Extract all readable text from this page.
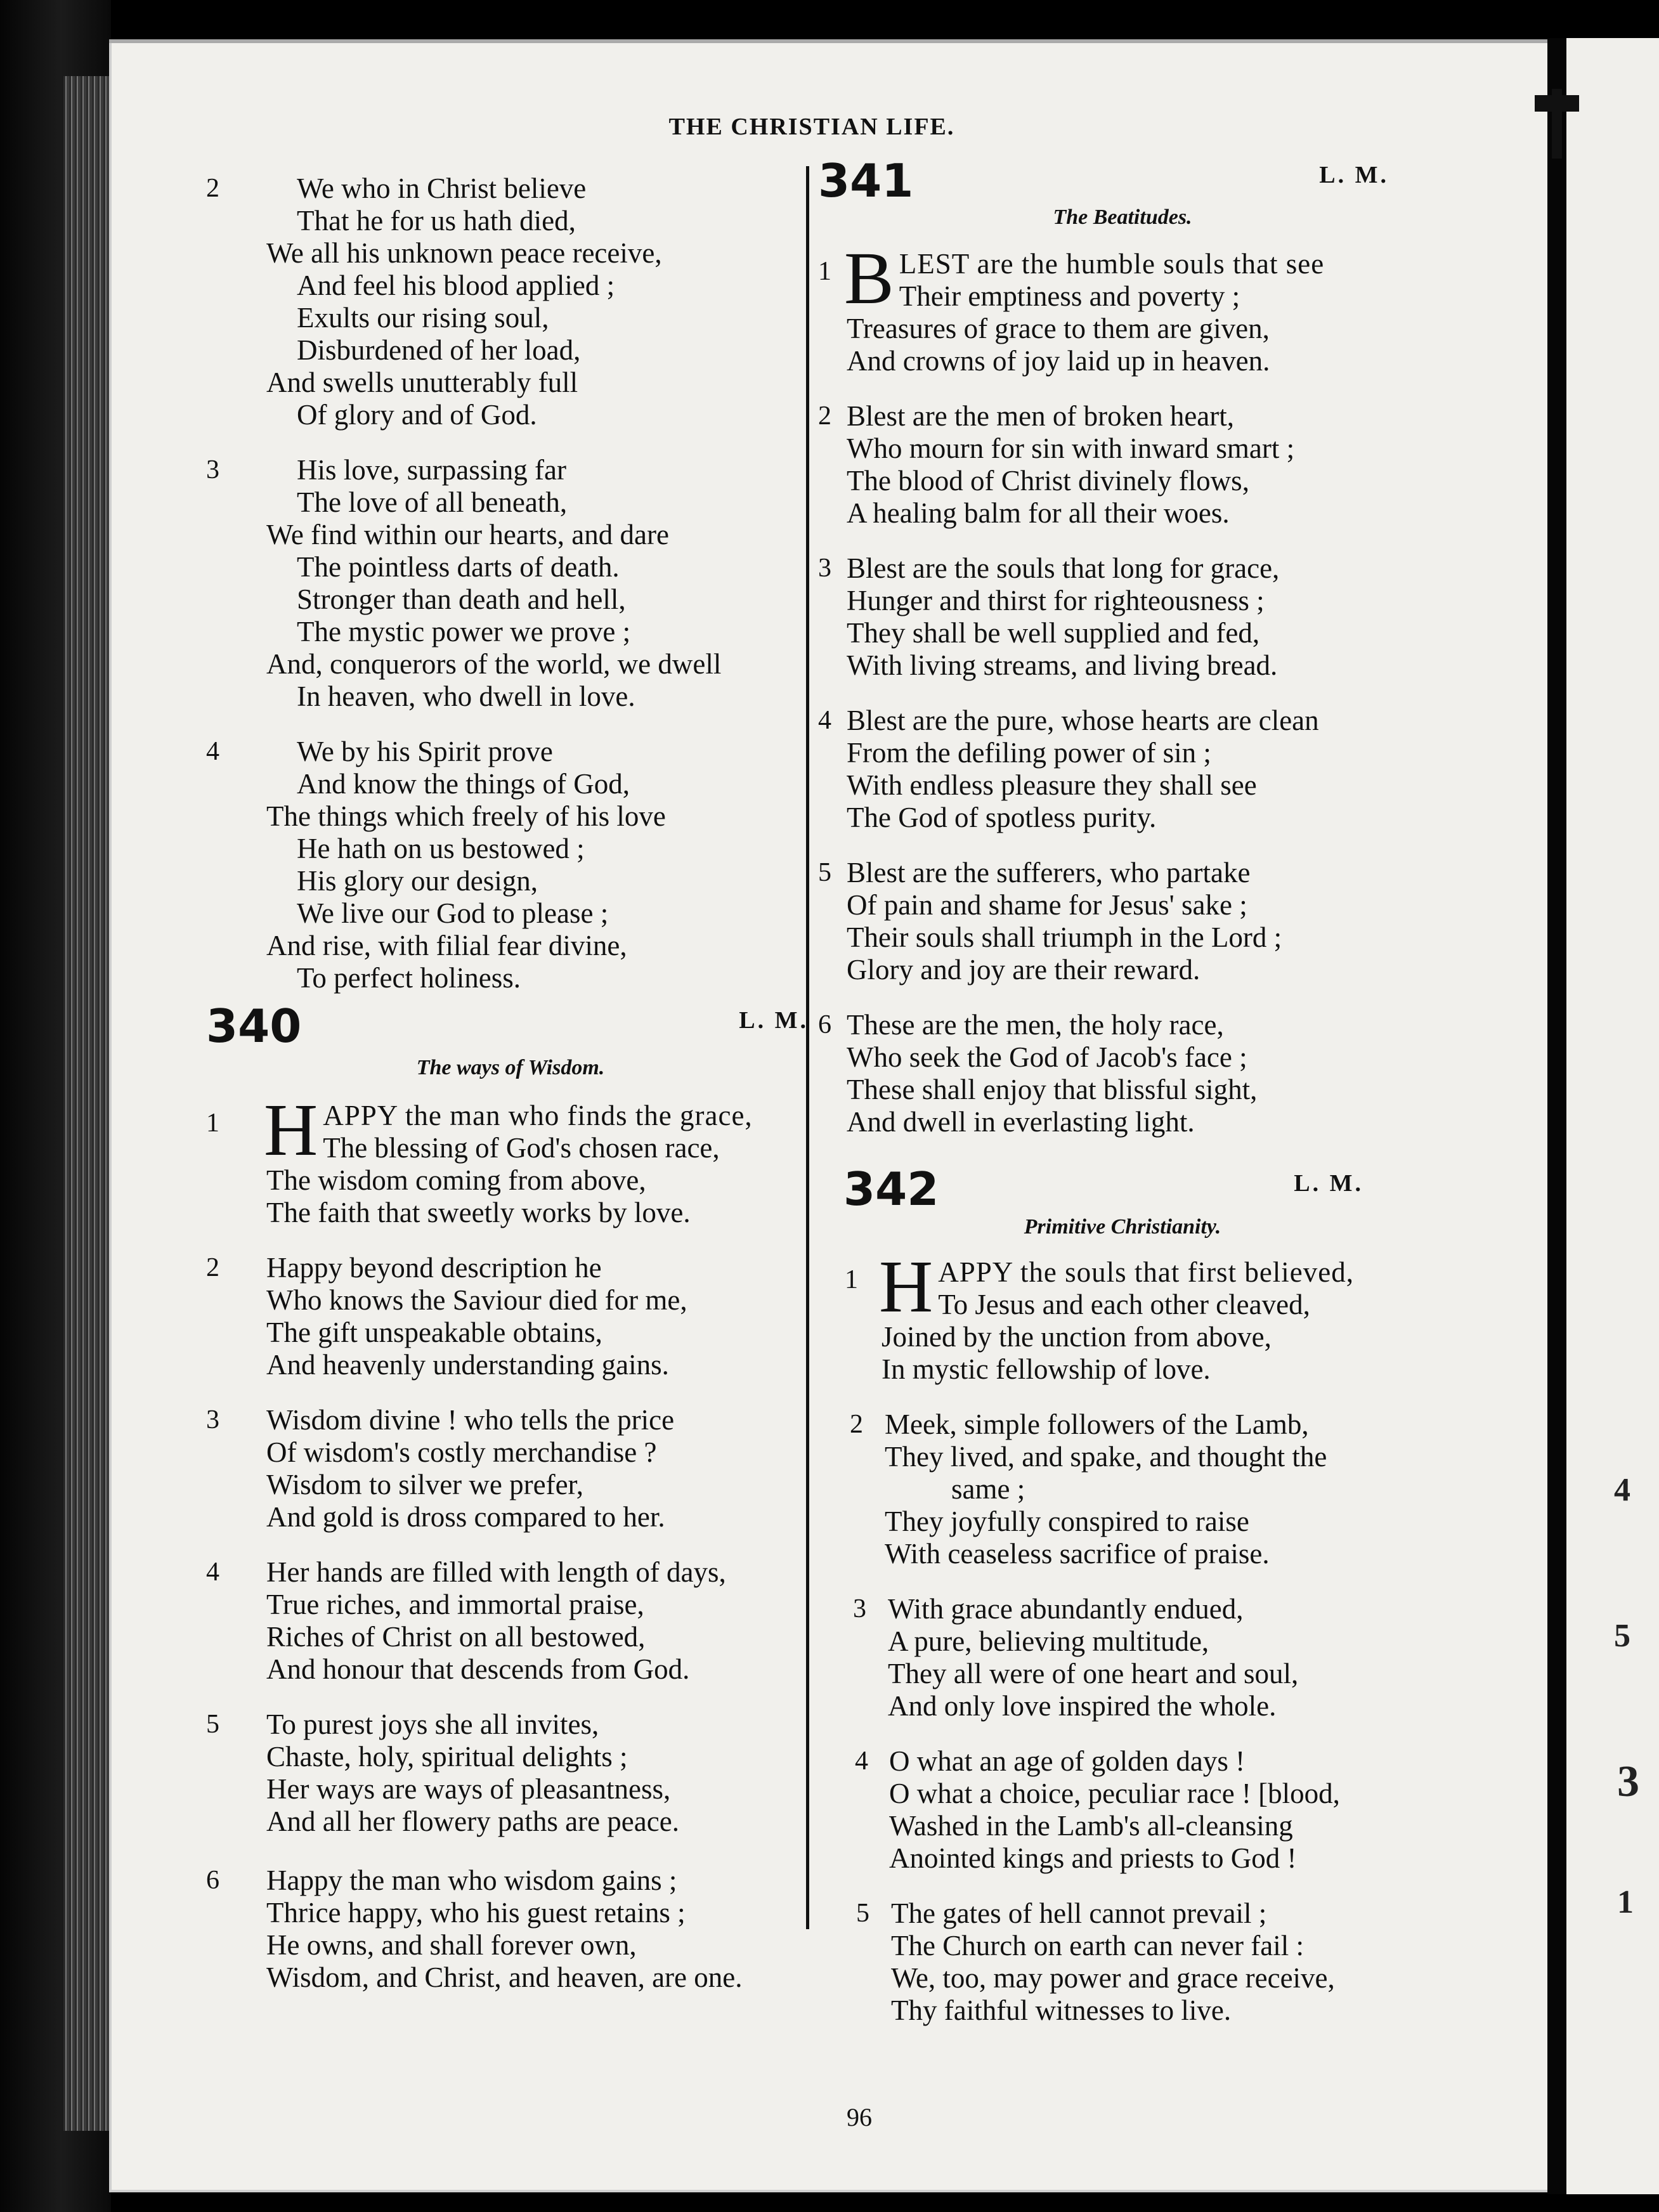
4
5
3
1
THE CHRISTIAN LIFE.
2	We who in Christ believe
That he for us hath died,
We all his unknown peace receive,
And feel his blood applied ;
Exults our rising soul,
Disburdened of her load,
And swells unutterably full
Of glory and of God.
3	His love, surpassing far
The love of all beneath,
We find within our hearts, and dare
The pointless darts of death.
Stronger than death and hell,
The mystic power we prove ;
And, conquerors of the world, we dwell
In heaven, who dwell in love.
4	We by his Spirit prove
And know the things of God,
The things which freely of his love
He hath on us bestowed ;
His glory our design,
We live our God to please ;
And rise, with filial fear divine,
To perfect holiness.
340	L. M.
The ways of Wisdom.
1 H APPY the man who finds the grace,
The blessing of God's chosen race,
The wisdom coming from above,
The faith that sweetly works by love.
2	Happy beyond description he
Who knows the Saviour died for me,
The gift unspeakable obtains,
And heavenly understanding gains.
3	Wisdom divine ! who tells the price
Of wisdom's costly merchandise ?
Wisdom to silver we prefer,
And gold is dross compared to her.
4	Her hands are filled with length of days,
True riches, and immortal praise,
Riches of Christ on all bestowed,
And honour that descends from God.
5	To purest joys she all invites,
Chaste, holy, spiritual delights ;
Her ways are ways of pleasantness,
And all her flowery paths are peace.
341	L. M.
The Beatitudes.
1 B LEST are the humble souls that see
Their emptiness and poverty ;
Treasures of grace to them are given,
And crowns of joy laid up in heaven.
2 Blest are the men of broken heart,
Who mourn for sin with inward smart ;
The blood of Christ divinely flows,
A healing balm for all their woes.
3 Blest are the souls that long for grace,
Hunger and thirst for righteousness ;
They shall be well supplied and fed,
With living streams, and living bread.
4 Blest are the pure, whose hearts are clean
From the defiling power of sin ;
With endless pleasure they shall see
The God of spotless purity.
5 Blest are the sufferers, who partake
Of pain and shame for Jesus' sake ;
Their souls shall triumph in the Lord ;
Glory and joy are their reward.
6 These are the men, the holy race,
Who seek the God of Jacob's face ;
These shall enjoy that blissful sight,
And dwell in everlasting light.
342	L. M.
Primitive Christianity.
1 H APPY the souls that first believed,
To Jesus and each other cleaved,
Joined by the unction from above,
In mystic fellowship of love.
2 Meek, simple followers of the Lamb,
They lived, and spake, and thought the
same ;
They joyfully conspired to raise
With ceaseless sacrifice of praise.
3 With grace abundantly endued,
A pure, believing multitude,
They all were of one heart and soul,
And only love inspired the whole.
4 O what an age of golden days !
O what a choice, peculiar race ! [blood,
Washed in the Lamb's all-cleansing
Anointed kings and priests to God !
5 The gates of hell cannot prevail ;
The Church on earth can never fail :
We, too, may power and grace receive,
Thy faithful witnesses to live.
6	Happy the man who wisdom gains ;
Thrice happy, who his guest retains ;
He owns, and shall forever own,
Wisdom, and Christ, and heaven, are one.
96
